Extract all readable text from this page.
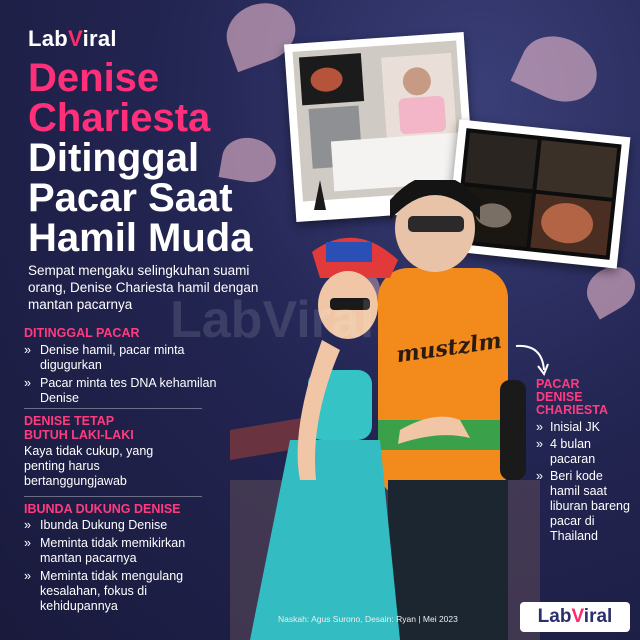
LabViral
Denise
Chariesta
Ditinggal
Pacar Saat
Hamil Muda
Sempat mengaku selingkuhan suami orang, Denise Chariesta hamil dengan mantan pacarnya LabViral mustzlm
DITINGGAL PACAR
» Denise hamil, pacar minta digugurkan
» Pacar minta tes DNA kehamilan Denise
DENISE TETAP
BUTUH LAKI-LAKI
Kaya tidak cukup, yang penting harus bertanggungjawab
IBUNDA DUKUNG DENISE
» Ibunda Dukung Denise
» Meminta tidak memikirkan mantan pacarnya
» Meminta tidak mengulang kesalahan, fokus di kehidupannya
PACAR
DENISE
CHARIESTA
» Inisial JK
» 4 bulan pacaran
» Beri kode hamil saat liburan bareng pacar di Thailand
Naskah: Agus Surono, Desain: Ryan | Mei 2023	LabViral
